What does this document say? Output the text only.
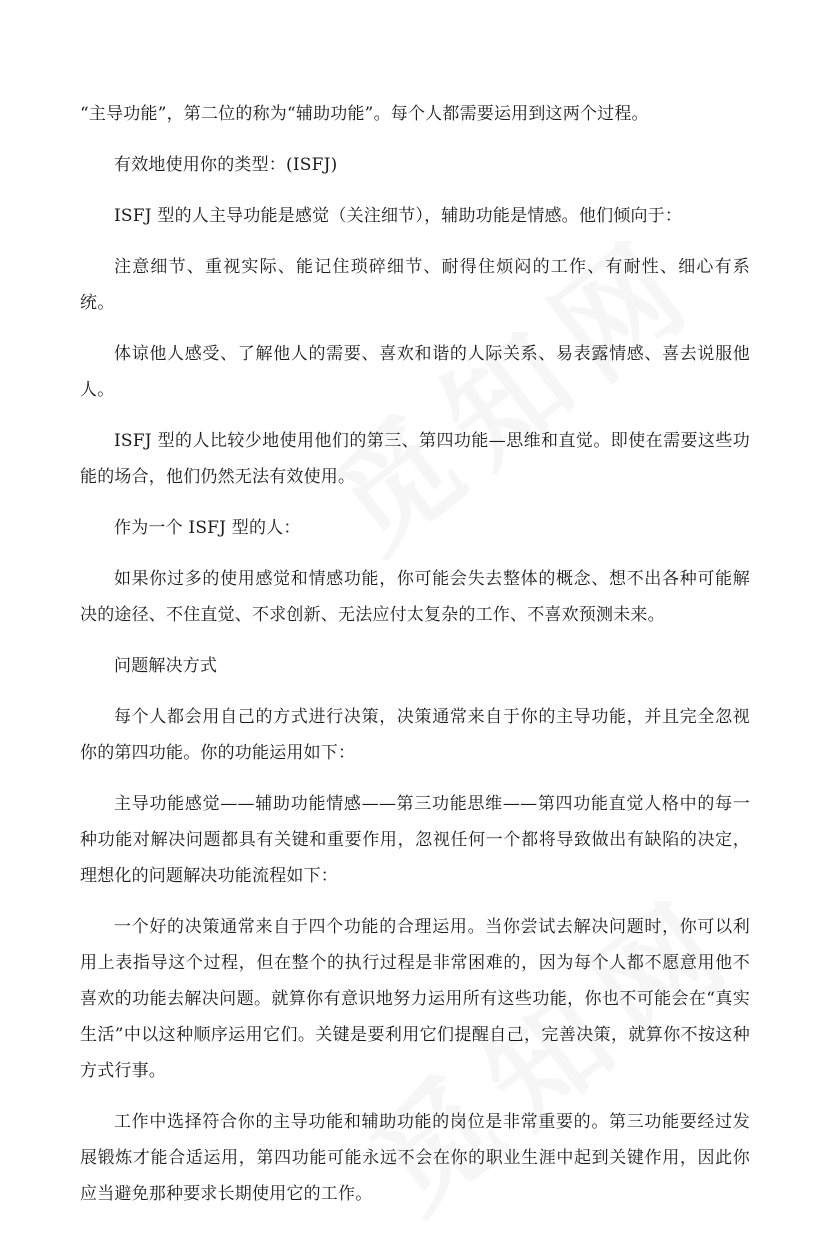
“主导功能”，第二位的称为“辅助功能”。每个人都需要运用到这两个过程。

有效地使用你的类型：(ISFJ)

ISFJ 型的人主导功能是感觉（关注细节），辅助功能是情感。他们倾向于：

注意细节、重视实际、能记住琐碎细节、耐得住烦闷的工作、有耐性、细心有系统。

体谅他人感受、了解他人的需要、喜欢和谐的人际关系、易表露情感、喜去说服他人。

ISFJ 型的人比较少地使用他们的第三、第四功能—思维和直觉。即使在需要这些功能的场合，他们仍然无法有效使用。

作为一个 ISFJ 型的人：

如果你过多的使用感觉和情感功能，你可能会失去整体的概念、想不出各种可能解决的途径、不住直觉、不求创新、无法应付太复杂的工作、不喜欢预测未来。

问题解决方式

每个人都会用自己的方式进行决策，决策通常来自于你的主导功能，并且完全忽视你的第四功能。你的功能运用如下：

主导功能感觉——辅助功能情感——第三功能思维——第四功能直觉人格中的每一种功能对解决问题都具有关键和重要作用，忽视任何一个都将导致做出有缺陷的决定，理想化的问题解决功能流程如下：

一个好的决策通常来自于四个功能的合理运用。当你尝试去解决问题时，你可以利用上表指导这个过程，但在整个的执行过程是非常困难的，因为每个人都不愿意用他不喜欢的功能去解决问题。就算你有意识地努力运用所有这些功能，你也不可能会在“真实生活”中以这种顺序运用它们。关键是要利用它们提醒自己，完善决策，就算你不按这种方式行事。

工作中选择符合你的主导功能和辅助功能的岗位是非常重要的。第三功能要经过发展锻炼才能合适运用，第四功能可能永远不会在你的职业生涯中起到关键作用，因此你应当避免那种要求长期使用它的工作。
